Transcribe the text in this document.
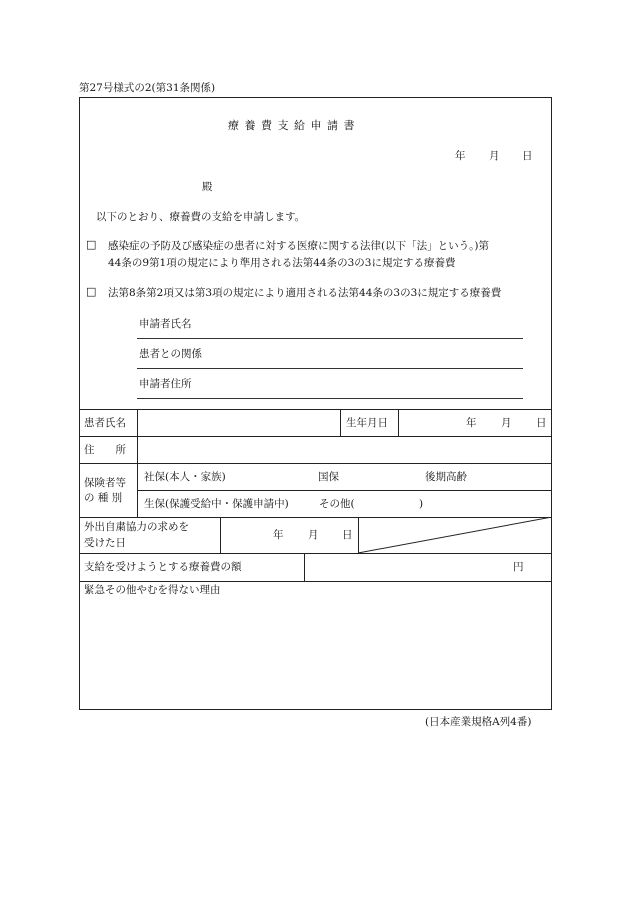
第27号様式の2(第31条関係)
療 養 費 支 給 申 請 書
年 月 日
殿
以下のとおり、療養費の支給を申請します。
□ 感染症の予防及び感染症の患者に対する医療に関する法律(以下「法」という。)第
44条の9第1項の規定により準用される法第44条の3の3に規定する療養費
□ 法第8条第2項又は第3項の規定により適用される法第44条の3の3に規定する療養費
申請者氏名
患者との関係
申請者住所
患者氏名	生年月日	年 月 日
住　　所
保険者等
の 種 別
社保(本人・家族)	国保	後期高齢
生保(保護受給中・保護申請中)	その他(	)
外出自粛協力の求めを
受けた日
年 月 日
支給を受けようとする療養費の額	円
緊急その他やむを得ない理由
(日本産業規格A列4番)
